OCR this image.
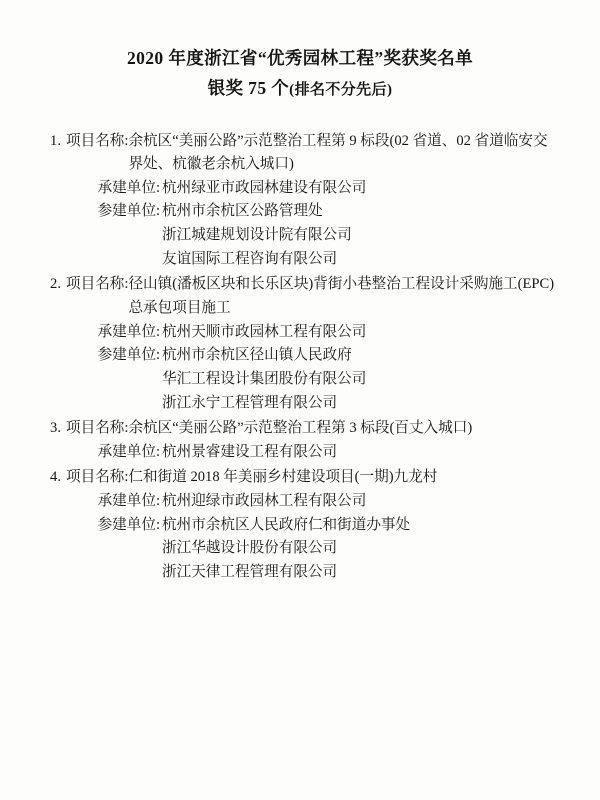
2020 年度浙江省“优秀园林工程”奖获奖名单
银奖 75 个(排名不分先后)
1. 项目名称: 余杭区“美丽公路”示范整治工程第 9 标段(02 省道、02 省道临安交界处、杭徽老余杭入城口)
承建单位: 杭州绿亚市政园林建设有限公司
参建单位: 杭州市余杭区公路管理处
浙江城建规划设计院有限公司
友谊国际工程咨询有限公司
2. 项目名称: 径山镇(潘板区块和长乐区块)背街小巷整治工程设计采购施工(EPC)总承包项目施工
承建单位: 杭州天顺市政园林工程有限公司
参建单位: 杭州市余杭区径山镇人民政府
华汇工程设计集团股份有限公司
浙江永宁工程管理有限公司
3. 项目名称: 余杭区“美丽公路”示范整治工程第 3 标段(百丈入城口)
承建单位: 杭州景睿建设工程有限公司
4. 项目名称: 仁和街道 2018 年美丽乡村建设项目(一期)九龙村
承建单位: 杭州迎绿市政园林工程有限公司
参建单位: 杭州市余杭区人民政府仁和街道办事处
浙江华越设计股份有限公司
浙江天律工程管理有限公司
